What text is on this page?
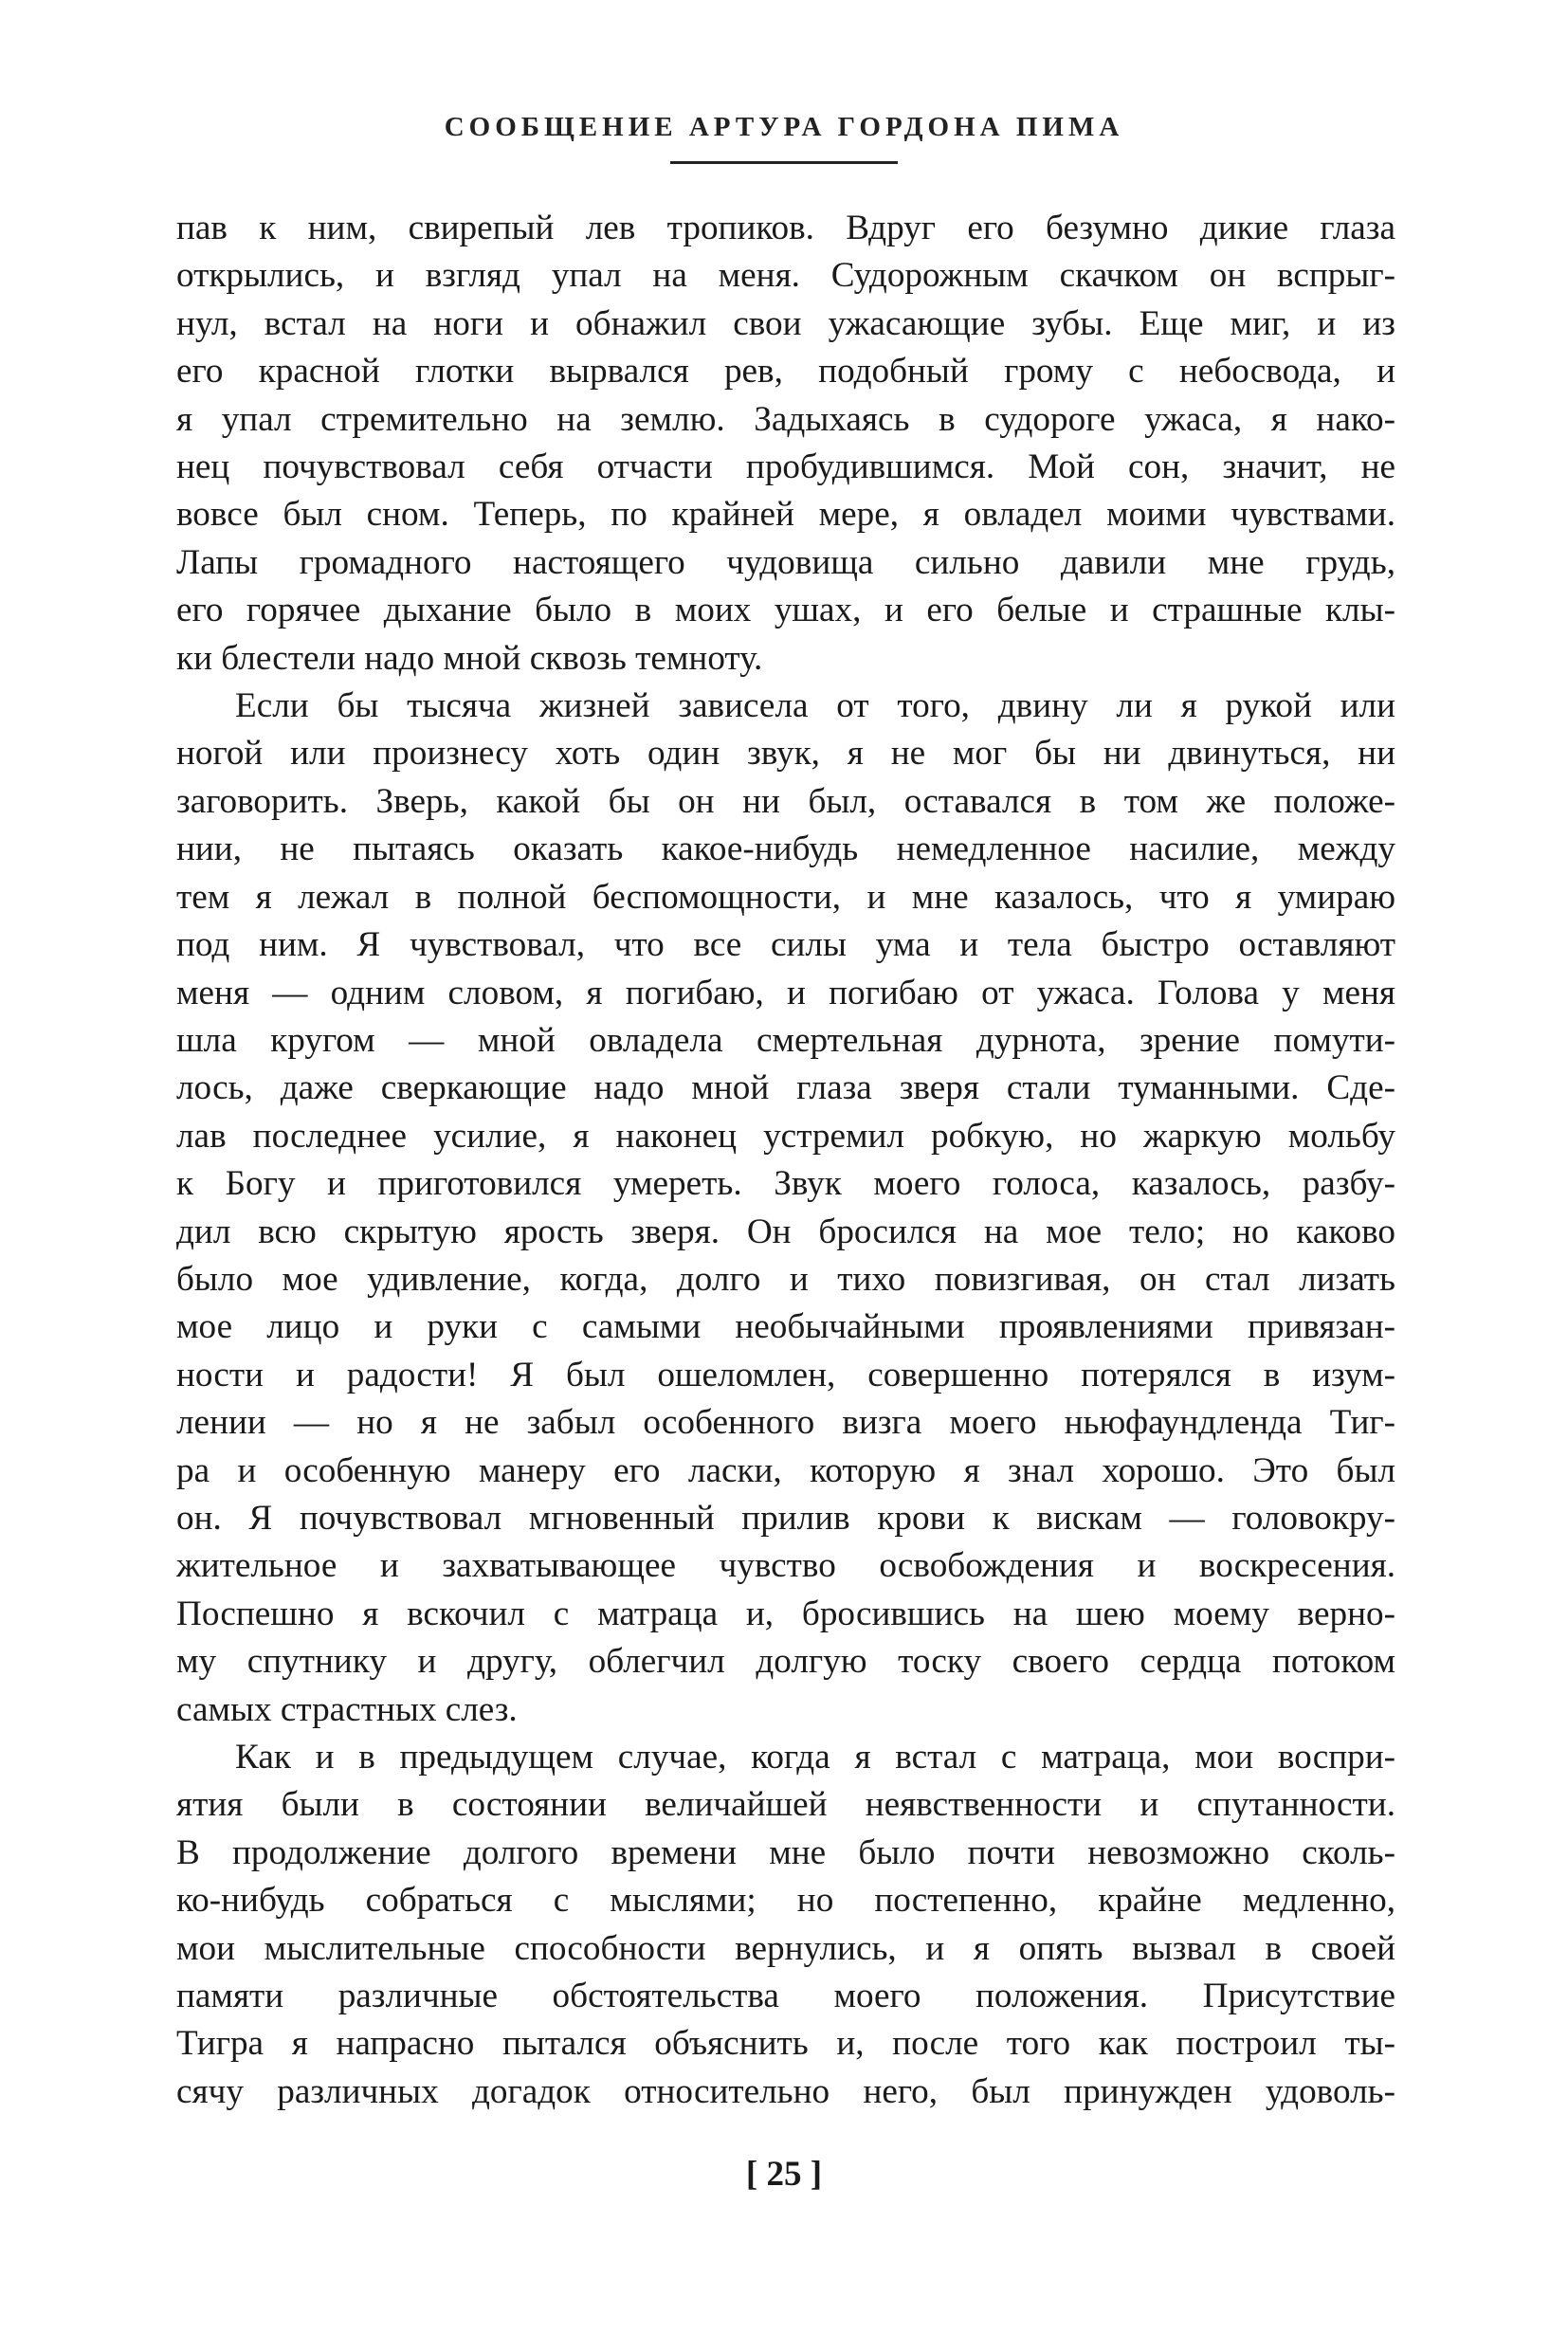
СООБЩЕНИЕ АРТУРА ГОРДОНА ПИМА

пав к ним, свирепый лев тропиков. Вдруг его безумно дикие глаза

открылись, и взгляд упал на меня. Судорожным скачком он вспрыг-

нул, встал на ноги и обнажил свои ужасающие зубы. Еще миг, и из

его красной глотки вырвался рев, подобный грому с небосвода, и

я упал стремительно на землю. Задыхаясь в судороге ужаса, я нако-

нец почувствовал себя отчасти пробудившимся. Мой сон, значит, не

вовсе был сном. Теперь, по крайней мере, я овладел моими чувствами.

Лапы громадного настоящего чудовища сильно давили мне грудь,

его горячее дыхание было в моих ушах, и его белые и страшные клы-

ки блестели надо мной сквозь темноту.

Если бы тысяча жизней зависела от того, двину ли я рукой или

ногой или произнесу хоть один звук, я не мог бы ни двинуться, ни

заговорить. Зверь, какой бы он ни был, оставался в том же положе-

нии, не пытаясь оказать какое-нибудь немедленное насилие, между

тем я лежал в полной беспомощности, и мне казалось, что я умираю

под ним. Я чувствовал, что все силы ума и тела быстро оставляют

меня — одним словом, я погибаю, и погибаю от ужаса. Голова у меня

шла кругом — мной овладела смертельная дурнота, зрение помути-

лось, даже сверкающие надо мной глаза зверя стали туманными. Сде-

лав последнее усилие, я наконец устремил робкую, но жаркую мольбу

к Богу и приготовился умереть. Звук моего голоса, казалось, разбу-

дил всю скрытую ярость зверя. Он бросился на мое тело; но каково

было мое удивление, когда, долго и тихо повизгивая, он стал лизать

мое лицо и руки с самыми необычайными проявлениями привязан-

ности и радости! Я был ошеломлен, совершенно потерялся в изум-

лении — но я не забыл особенного визга моего ньюфаундленда Тиг-

ра и особенную манеру его ласки, которую я знал хорошо. Это был

он. Я почувствовал мгновенный прилив крови к вискам — головокру-

жительное и захватывающее чувство освобождения и воскресения.

Поспешно я вскочил с матраца и, бросившись на шею моему верно-

му спутнику и другу, облегчил долгую тоску своего сердца потоком

самых страстных слез.

Как и в предыдущем случае, когда я встал с матраца, мои воспри-

ятия были в состоянии величайшей неявственности и спутанности.

В продолжение долгого времени мне было почти невозможно сколь-

ко-нибудь собраться с мыслями; но постепенно, крайне медленно,

мои мыслительные способности вернулись, и я опять вызвал в своей

памяти различные обстоятельства моего положения. Присутствие

Тигра я напрасно пытался объяснить и, после того как построил ты-

сячу различных догадок относительно него, был принужден удоволь-

[ 25 ]
